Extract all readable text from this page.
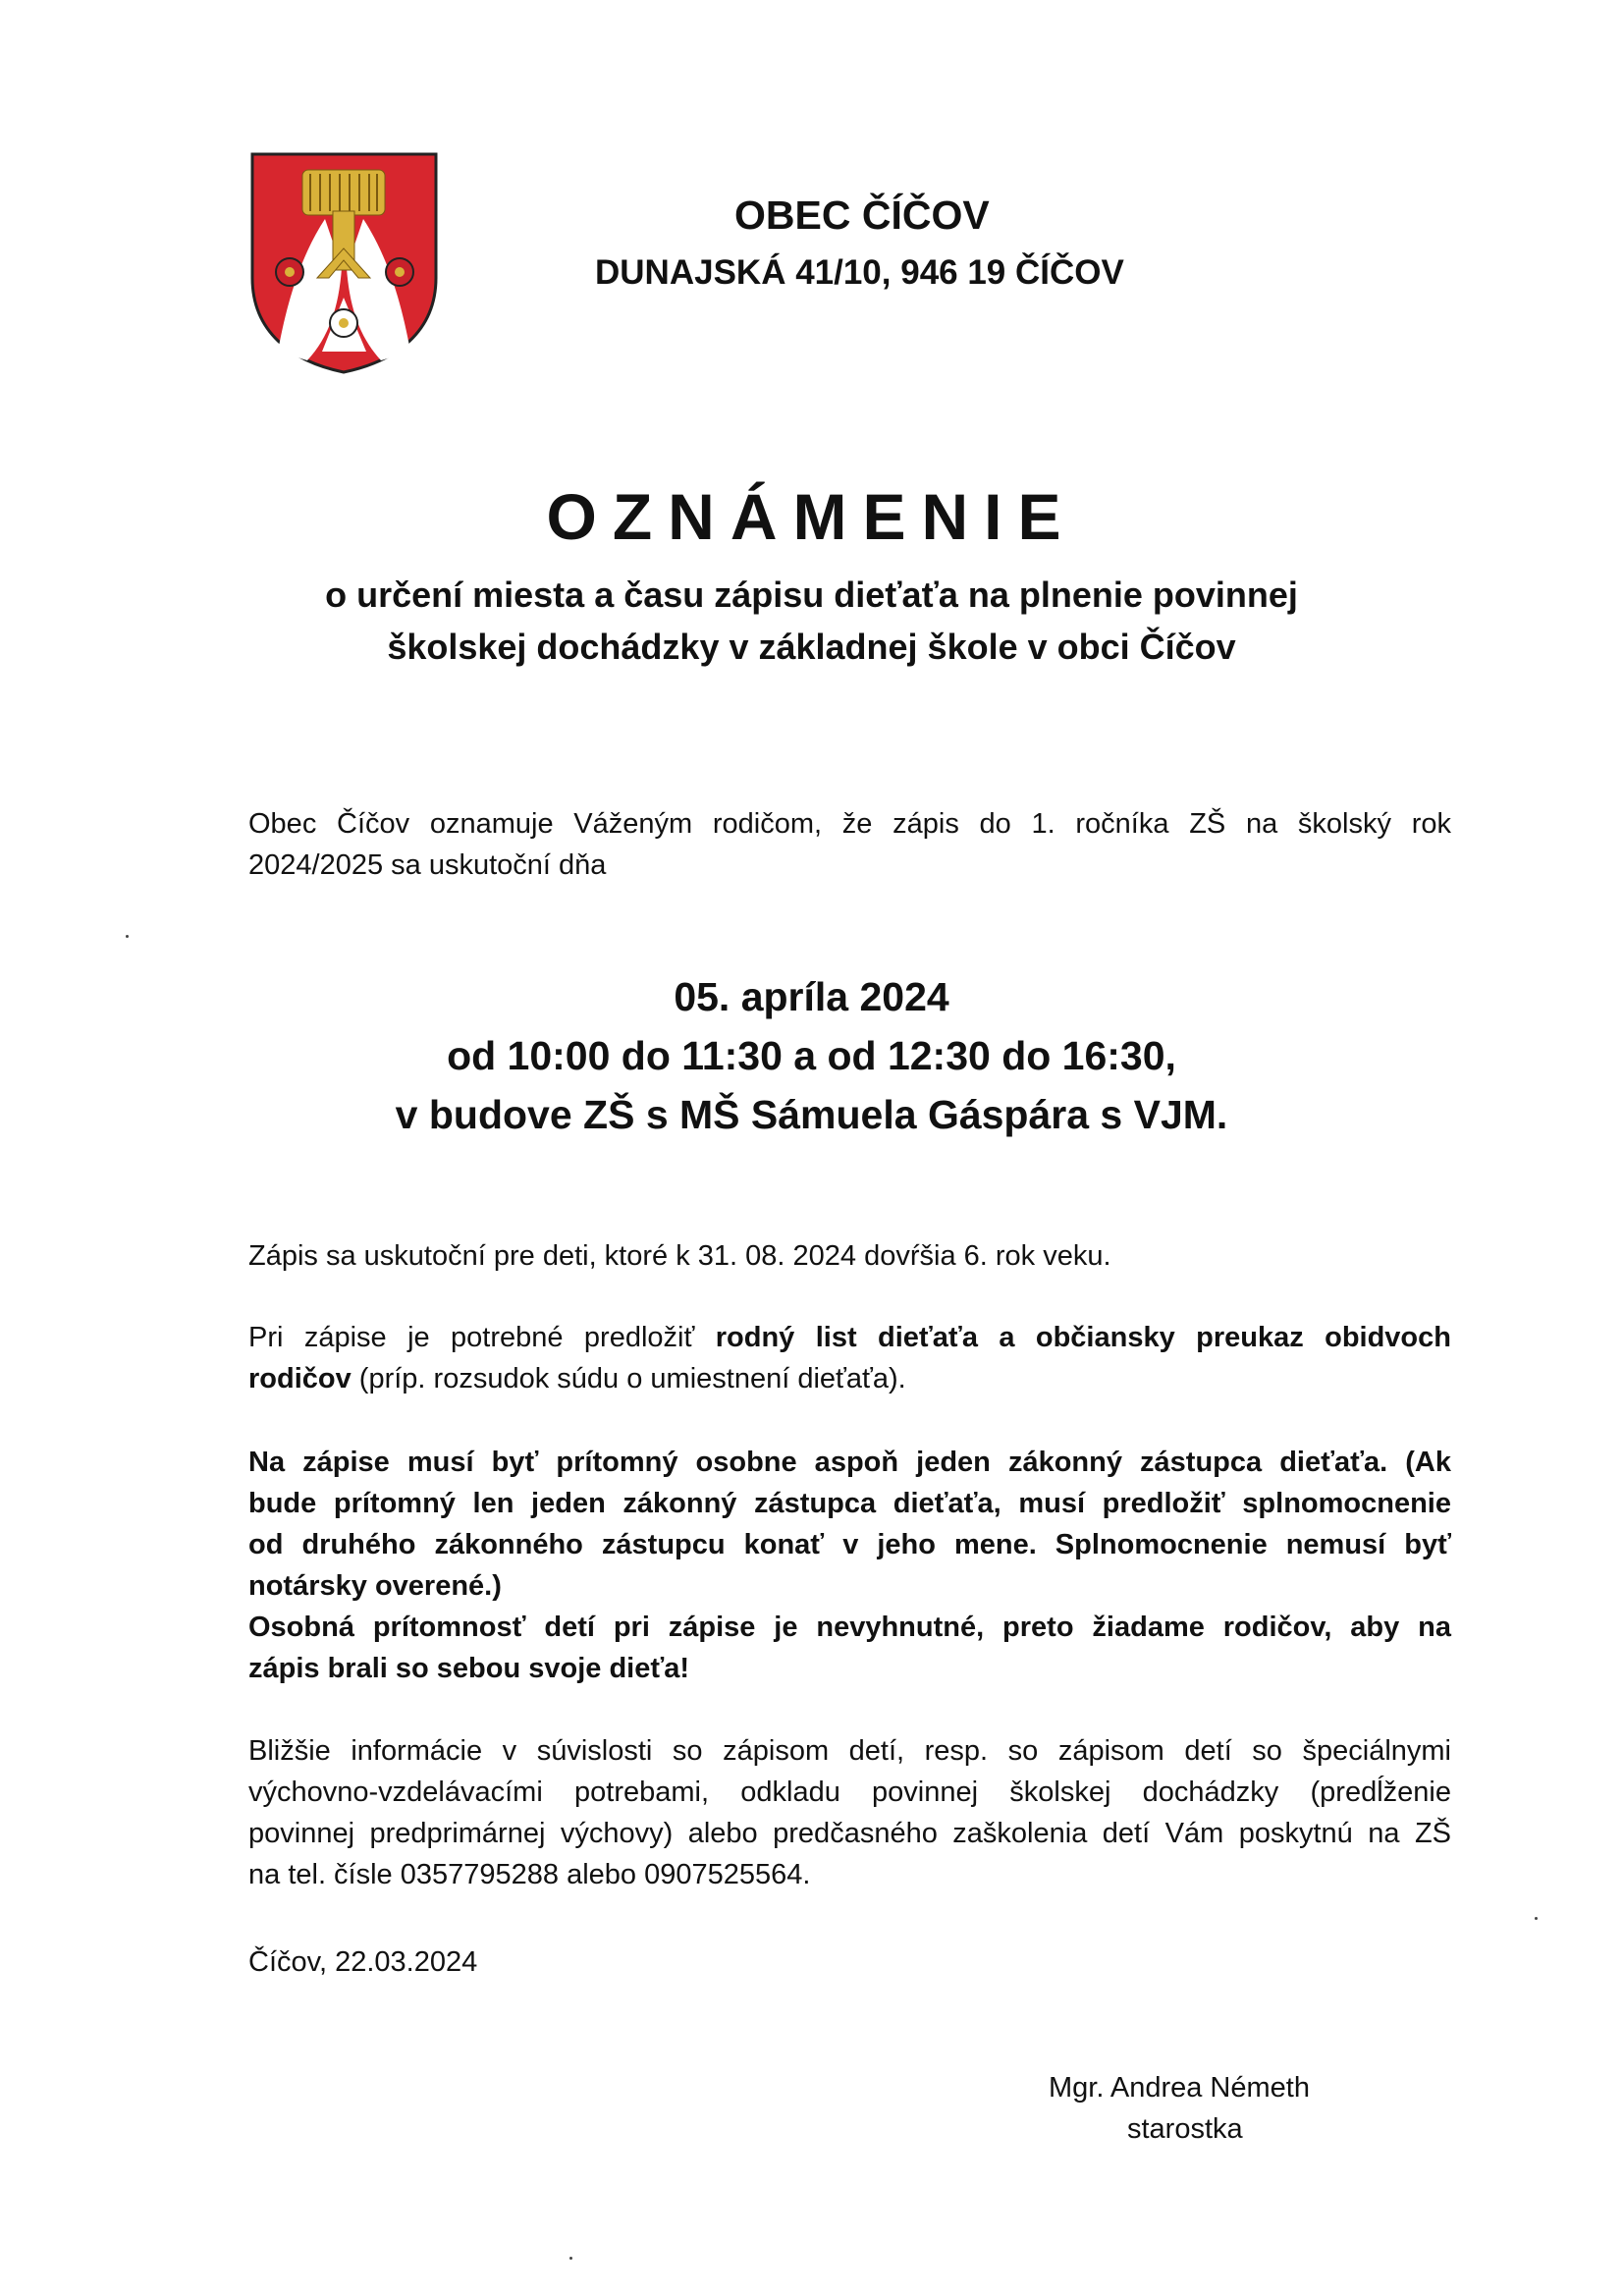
OBEC ČÍČOV
DUNAJSKÁ 41/10, 946 19 ČÍČOV
OZNÁMENIE
o určení miesta a času zápisu dieťaťa na plnenie povinnej
školskej dochádzky v základnej škole v obci Číčov
Obec Číčov oznamuje Váženým rodičom, že zápis do 1. ročníka ZŠ na školský rok
2024/2025 sa uskutoční dňa
05. apríla 2024
od 10:00 do 11:30 a od 12:30 do 16:30,
v budove ZŠ s MŠ Sámuela Gáspára s VJM.
Zápis sa uskutoční pre deti, ktoré k 31. 08. 2024 dovŕšia 6. rok veku.
Pri zápise je potrebné predložiť rodný list dieťaťa a občiansky preukaz obidvoch
rodičov (príp. rozsudok súdu o umiestnení dieťaťa).
Na zápise musí byť prítomný osobne aspoň jeden zákonný zástupca dieťaťa. (Ak
bude prítomný len jeden zákonný zástupca dieťaťa, musí predložiť splnomocnenie
od druhého zákonného zástupcu konať v jeho mene. Splnomocnenie nemusí byť
notársky overené.)
Osobná prítomnosť detí pri zápise je nevyhnutné, preto žiadame rodičov, aby na
zápis brali so sebou svoje dieťa!
Bližšie informácie v súvislosti so zápisom detí, resp. so zápisom detí so špeciálnymi
výchovno-vzdelávacími potrebami, odkladu povinnej školskej dochádzky (predĺženie
povinnej predprimárnej výchovy) alebo predčasného zaškolenia detí Vám poskytnú na ZŠ
na tel. čísle 0357795288 alebo 0907525564.
Číčov, 22.03.2024
Mgr. Andrea Németh
starostka
